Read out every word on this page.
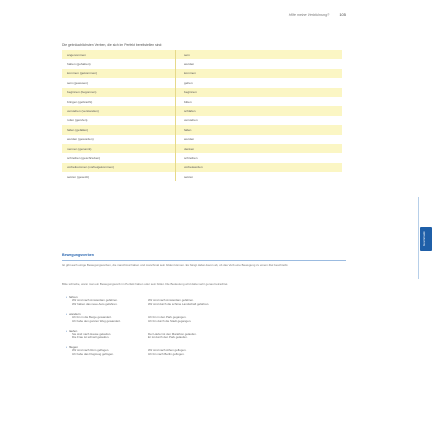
Hilfe meine Verbfuhrung?	105
Die gebräuchlichsten Verben, die sich im Perfekt bereitstellen sind:
angenommen	sein
haben (gehaben)	werden
kommen (gekommen)	kommen
sein (gewesen)	gehen
beginnen (begonnen)	beginnen
bringen (gebracht)	bitten
verstehen (verstanden)	schlafen
rufen (gerufen)	verstehen
fallen (gefallen)	fallen
werden (geworden)	werden
nennen (genannt)	denken
schreiben (geschrieben)	schreiben
vorbeikommen (vorbeigekommen)	vorbeiwerden
setzen (gesetzt)	setzen
Bewegungsverben
Ist gibt auch einige Bewegungsverben, die manchmal haben und manchmal sein bilden können. Es hängt dabei davon ab, ob das Verb eine Bewegung zu einem Ziel beschreibt.
Bitte schreibe, wann man ein Bewegungsverb im Perfekt haben oder sein bildet. Die Bedeutung wird dabei sehr genau betrachtet.
• fahren
Wir sind nach Amsterdam gefahren.	Wir sind nach Amsterdam gefahren.
Wir haben das neue Auto gefahren.	Wir sind durch die schöne Landschaft gefahren.
• wandern
Ich bin in die Berge gewandert.	Ich bin in den Park gegangen.
Ich habe den ganzen Weg gewandert.	Ich bin durch die Stadt gegangen.
• laufen
Sie sind nach Hause gelaufen.	Der Läufer ist den Marathon gelaufen.
Die Frau ist schnell gelaufen.	Er ist durch den Park gelaufen.
• fliegen
Wir sind nach Rom geflogen.	Wir sind nach Athen geflogen.
Ich habe das Flugzeug geflogen.	Ich bin nach Berlin geflogen.
Grammatik
